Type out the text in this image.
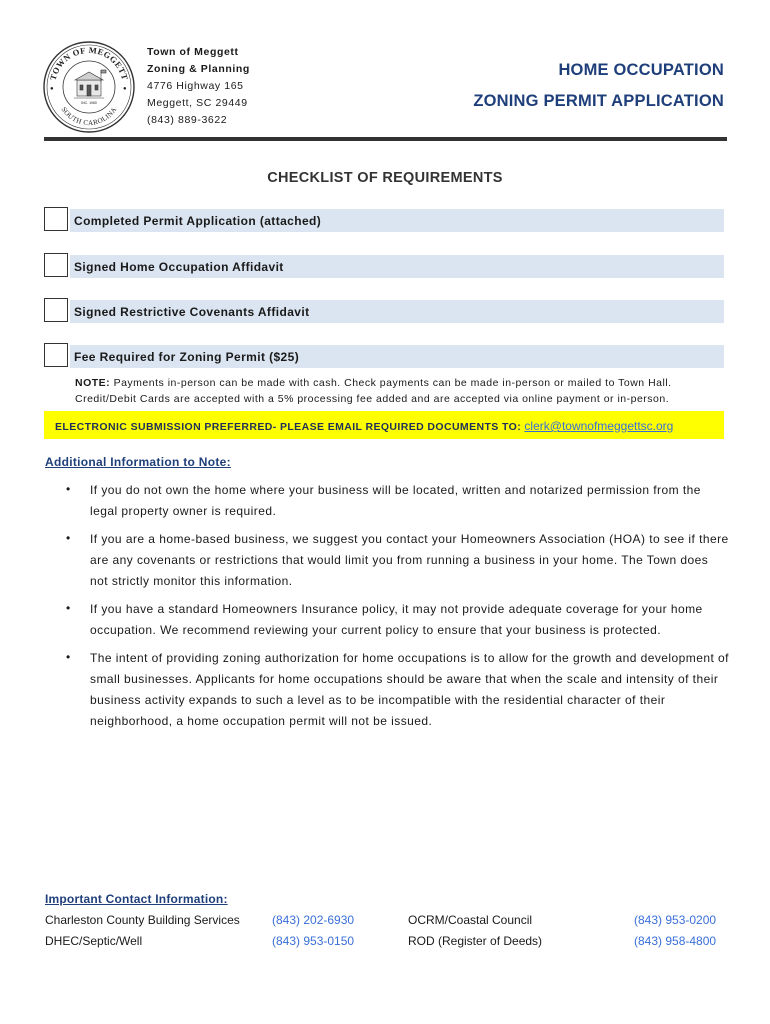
TOWN OF MEGGETT
SOUTH CAROLINA
●	●
INC. 1960
Town of Meggett
Zoning & Planning
4776 Highway 165
Meggett, SC 29449
(843) 889-3622
HOME OCCUPATION
ZONING PERMIT APPLICATION
CHECKLIST OF REQUIREMENTS
Completed Permit Application (attached)
Signed Home Occupation Affidavit
Signed Restrictive Covenants Affidavit
Fee Required for Zoning Permit ($25)
NOTE: Payments in-person can be made with cash. Check payments can be made in-person or mailed to Town Hall.
Credit/Debit Cards are accepted with a 5% processing fee added and are accepted via online payment or in-person.
ELECTRONIC SUBMISSION PREFERRED- PLEASE EMAIL REQUIRED DOCUMENTS TO: clerk@townofmeggettsc.org
Additional Information to Note:
• If you do not own the home where your business will be located, written and notarized permission from the legal property owner is required.
• If you are a home-based business, we suggest you contact your Homeowners Association (HOA) to see if there are any covenants or restrictions that would limit you from running a business in your home. The Town does not strictly monitor this information.
• If you have a standard Homeowners Insurance policy, it may not provide adequate coverage for your home occupation. We recommend reviewing your current policy to ensure that your business is protected.
• The intent of providing zoning authorization for home occupations is to allow for the growth and development of small businesses. Applicants for home occupations should be aware that when the scale and intensity of their business activity expands to such a level as to be incompatible with the residential character of their neighborhood, a home occupation permit will not be issued.
Important Contact Information:
Charleston County Building Services	(843) 202-6930	OCRM/Coastal Council	(843) 953-0200
DHEC/Septic/Well	(843) 953-0150	ROD (Register of Deeds)	(843) 958-4800
